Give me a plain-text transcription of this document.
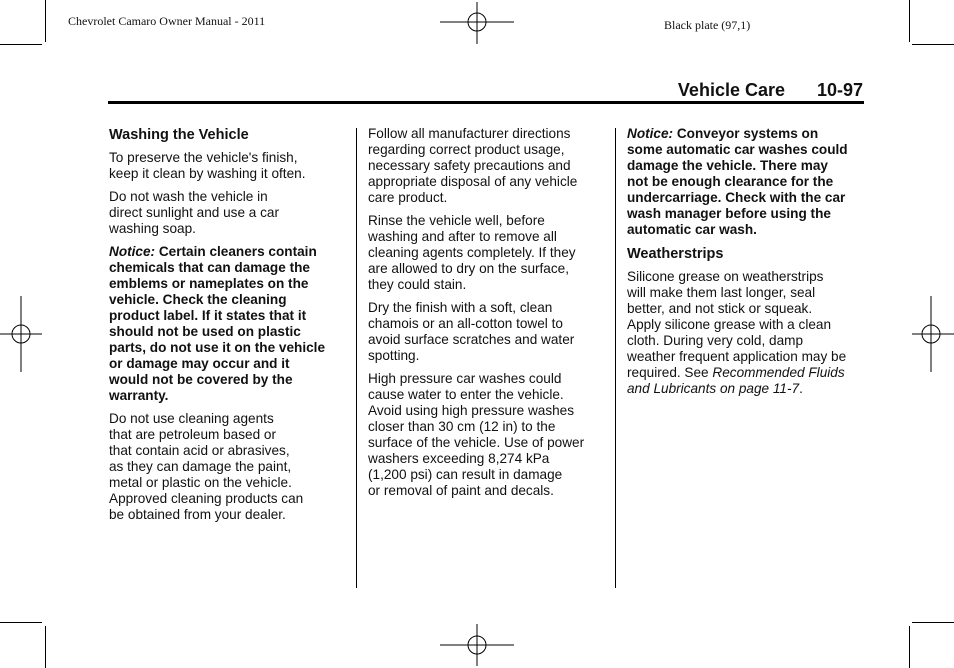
Chevrolet Camaro Owner Manual - 2011	Black plate (97,1)
Vehicle Care 10-97
Washing the Vehicle
To preserve the vehicle's finish,
keep it clean by washing it often.
Do not wash the vehicle in
direct sunlight and use a car
washing soap.
Notice: Certain cleaners contain
chemicals that can damage the
emblems or nameplates on the
vehicle. Check the cleaning
product label. If it states that it
should not be used on plastic
parts, do not use it on the vehicle
or damage may occur and it
would not be covered by the
warranty.
Do not use cleaning agents
that are petroleum based or
that contain acid or abrasives,
as they can damage the paint,
metal or plastic on the vehicle.
Approved cleaning products can
be obtained from your dealer.
Follow all manufacturer directions
regarding correct product usage,
necessary safety precautions and
appropriate disposal of any vehicle
care product.
Rinse the vehicle well, before
washing and after to remove all
cleaning agents completely. If they
are allowed to dry on the surface,
they could stain.
Dry the finish with a soft, clean
chamois or an all-cotton towel to
avoid surface scratches and water
spotting.
High pressure car washes could
cause water to enter the vehicle.
Avoid using high pressure washes
closer than 30 cm (12 in) to the
surface of the vehicle. Use of power
washers exceeding 8,274 kPa
(1,200 psi) can result in damage
or removal of paint and decals.
Notice: Conveyor systems on
some automatic car washes could
damage the vehicle. There may
not be enough clearance for the
undercarriage. Check with the car
wash manager before using the
automatic car wash.
Weatherstrips
Silicone grease on weatherstrips
will make them last longer, seal
better, and not stick or squeak.
Apply silicone grease with a clean
cloth. During very cold, damp
weather frequent application may be
required. See Recommended Fluids
and Lubricants on page 11-7.
